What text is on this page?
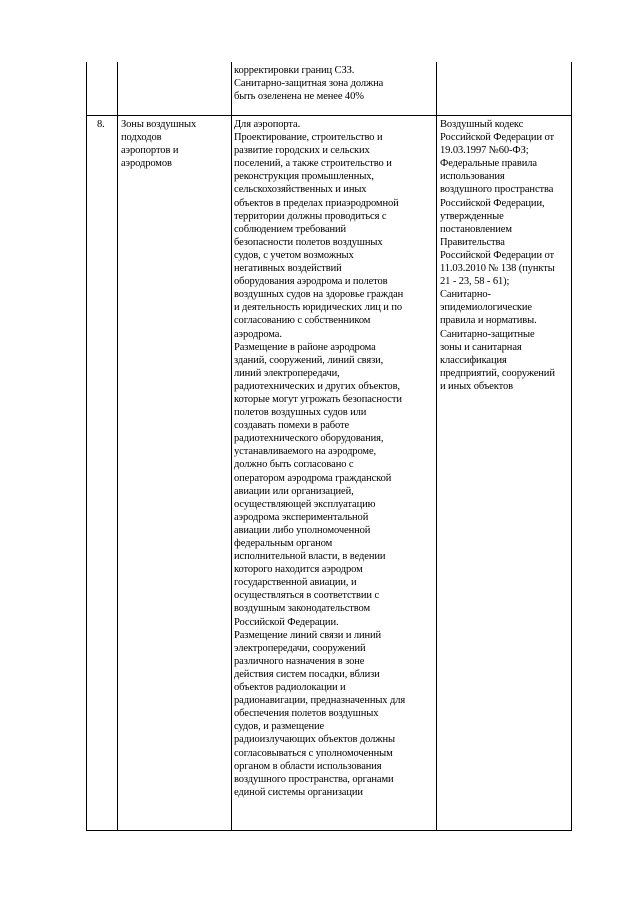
корректировки границ СЗЗ.
Санитарно-защитная зона должна
быть озеленена не менее 40%
8.	Зоны воздушных
подходов
аэропортов и
аэродромов
Для аэропорта.
Проектирование, строительство и
развитие городских и сельских
поселений, а также строительство и
реконструкция промышленных,
сельскохозяйственных и иных
объектов в пределах приаэродромной
территории должны проводиться с
соблюдением требований
безопасности полетов воздушных
судов, с учетом возможных
негативных воздействий
оборудования аэродрома и полетов
воздушных судов на здоровье граждан
и деятельность юридических лиц и по
согласованию с собственником
аэродрома.
Размещение в районе аэродрома
зданий, сооружений, линий связи,
линий электропередачи,
радиотехнических и других объектов,
которые могут угрожать безопасности
полетов воздушных судов или
создавать помехи в работе
радиотехнического оборудования,
устанавливаемого на аэродроме,
должно быть согласовано с
оператором аэродрома гражданской
авиации или организацией,
осуществляющей эксплуатацию
аэродрома экспериментальной
авиации либо уполномоченной
федеральным органом
исполнительной власти, в ведении
которого находится аэродром
государственной авиации, и
осуществляться в соответствии с
воздушным законодательством
Российской Федерации.
Размещение линий связи и линий
электропередачи, сооружений
различного назначения в зоне
действия систем посадки, вблизи
объектов радиолокации и
радионавигации, предназначенных для
обеспечения полетов воздушных
судов, и размещение
радиоизлучающих объектов должны
согласовываться с уполномоченным
органом в области использования
воздушного пространства, органами
единой системы организации
Воздушный кодекс
Российской Федерации от
19.03.1997 №60-ФЗ;
Федеральные правила
использования
воздушного пространства
Российской Федерации,
утвержденные
постановлением
Правительства
Российской Федерации от
11.03.2010 № 138 (пункты
21 - 23, 58 - 61);
Санитарно-
эпидемиологические
правила и нормативы.
Санитарно-защитные
зоны и санитарная
классификация
предприятий, сооружений
и иных объектов
